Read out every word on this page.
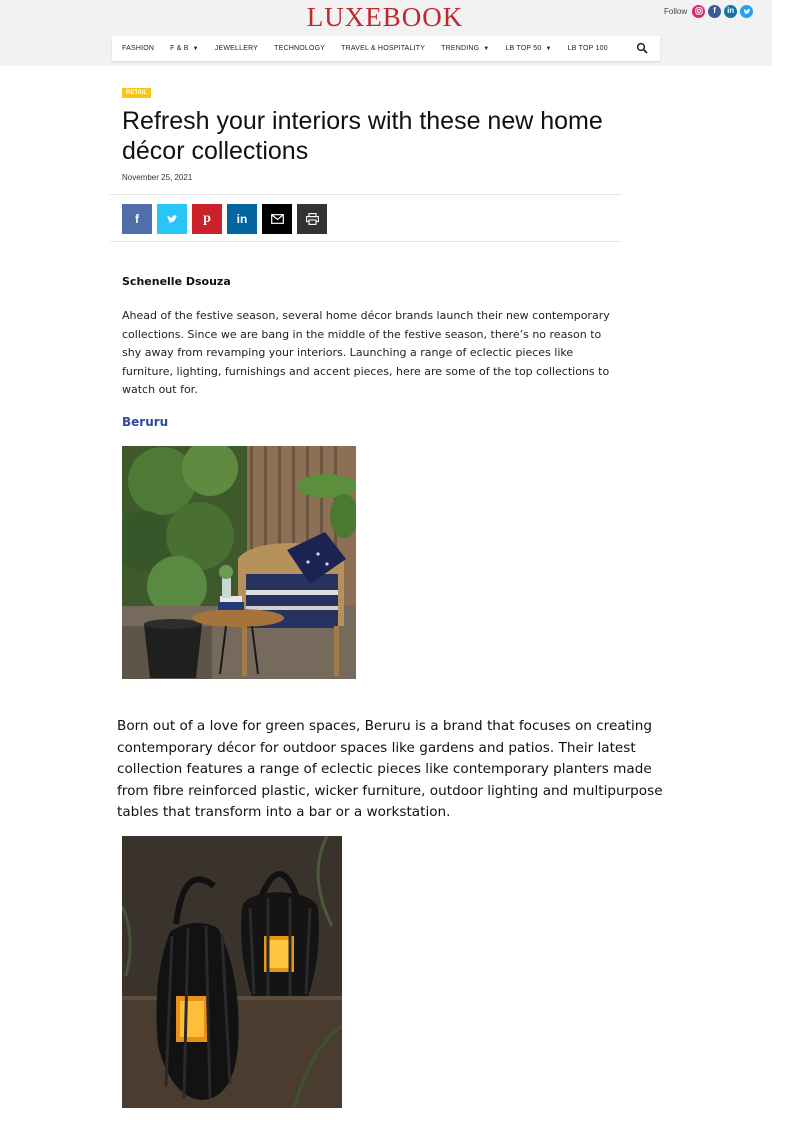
LUXEBOOK	Follow	f	in
FASHION F & B ▼ JEWELLERY TECHNOLOGY TRAVEL & HOSPITALITY TRENDING ▼ LB TOP 50 ▼ LB TOP 100
RETAIL
Refresh your interiors with these new home décor collections
November 25, 2021
f	p in
Schenelle Dsouza

Ahead of the festive season, several home décor brands launch their new contemporary collections. Since we are bang in the middle of the festive season, there’s no reason to shy away from revamping your interiors. Launching a range of eclectic pieces like furniture, lighting, furnishings and accent pieces, here are some of the top collections to watch out for.

Beruru

Born out of a love for green spaces, Beruru is a brand that focuses on creating contemporary décor for outdoor spaces like gardens and patios. Their latest collection features a range of eclectic pieces like contemporary planters made from fibre reinforced plastic, wicker furniture, outdoor lighting and multipurpose tables that transform into a bar or a workstation.
